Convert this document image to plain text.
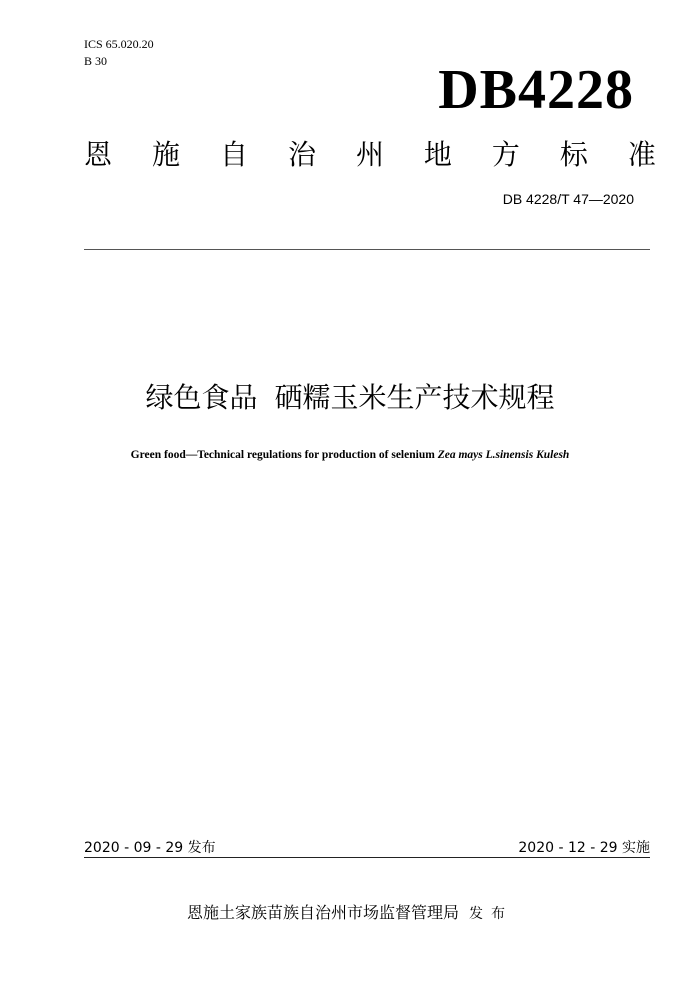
ICS 65.020.20
B 30	DB4228
恩 施 自 治 州 地 方 标 准
DB 4228/T 47—2020
绿色食品 硒糯玉米生产技术规程
Green food—Technical regulations for production of selenium Zea mays L.sinensis Kulesh
2020 - 09 - 29 发布	2020 - 12 - 29 实施
恩施土家族苗族自治州市场监督管理局 发布
